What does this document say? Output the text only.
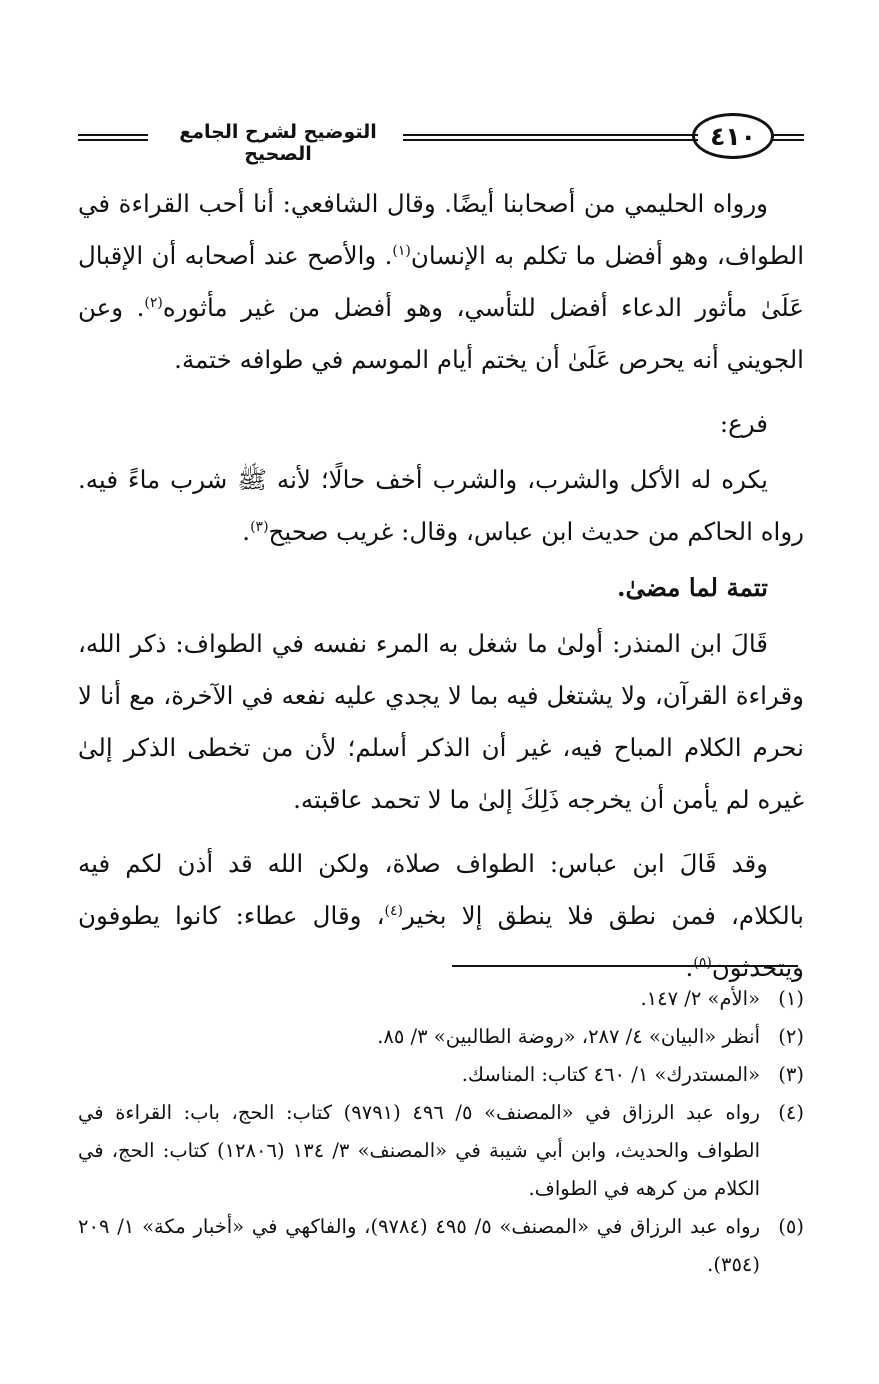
التوضيح لشرح الجامع الصحيح
٤١٠

ورواه الحليمي من أصحابنا أيضًا. وقال الشافعي: أنا أحب القراءة في الطواف، وهو أفضل ما تكلم به الإنسان$^{(١)}$. والأصح عند أصحابه أن الإقبال عَلَىٰ مأثور الدعاء أفضل للتأسي، وهو أفضل من غير مأثوره$^{(٢)}$. وعن الجويني أنه يحرص عَلَىٰ أن يختم أيام الموسم في طوافه ختمة.

فرع:

يكره له الأكل والشرب، والشرب أخف حالًا؛ لأنه ﷺ شرب ماءً فيه. رواه الحاكم من حديث ابن عباس، وقال: غريب صحيح$^{(٣)}$.

تتمة لما مضىٰ.

قَالَ ابن المنذر: أولىٰ ما شغل به المرء نفسه في الطواف: ذكر الله، وقراءة القرآن، ولا يشتغل فيه بما لا يجدي عليه نفعه في الآخرة، مع أنا لا نحرم الكلام المباح فيه، غير أن الذكر أسلم؛ لأن من تخطى الذكر إلىٰ غيره لم يأمن أن يخرجه ذَلِكَ إلىٰ ما لا تحمد عاقبته.

وقد قَالَ ابن عباس: الطواف صلاة، ولكن الله قد أذن لكم فيه بالكلام، فمن نطق فلا ينطق إلا بخير$^{(٤)}$، وقال عطاء: كانوا يطوفون ويتحدثون$^{(٥)}$.

(١)
«الأم» ٢/ ١٤٧.
(٢)
أنظر «البيان» ٤/ ٢٨٧، «روضة الطالبين» ٣/ ٨٥.
(٣)
«المستدرك» ١/ ٤٦٠ كتاب: المناسك.
(٤)
رواه عبد الرزاق في «المصنف» ٥/ ٤٩٦ (٩٧٩١) كتاب: الحج، باب: القراءة في الطواف والحديث، وابن أبي شيبة في «المصنف» ٣/ ١٣٤ (١٢٨٠٦) كتاب: الحج، في الكلام من كرهه في الطواف.
(٥)
رواه عبد الرزاق في «المصنف» ٥/ ٤٩٥ (٩٧٨٤)، والفاكهي في «أخبار مكة» ١/ ٢٠٩ (٣٥٤).
